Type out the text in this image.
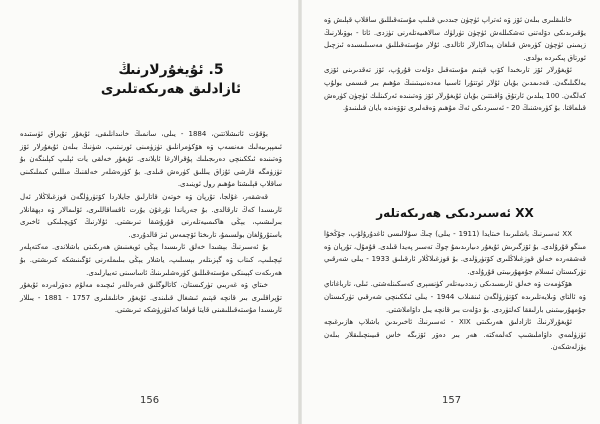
5. ئۇيغۇرلارنىڭ
ئازادلىق ھەرىكەتلىرى

بۇقۇت ئاتىشلاتتىن، 1884 - يىلى، سانمىڭ خانىدانلىقى، ئۇيغۇر تۇپراق ئۈستىدە ئىمپېرىيەلىك مەنسەپ ۋە ھۆكۈمرانلىق تۈزۈمىنى ئورنىتىپ، شۈنىڭ بىلەن ئۇيغۇرلار ئۆز ۋەتىنىدە ئىككىنچى دەرىجىلىك پۇقرالارغا ئايلاندى. ئۇيغۇر خەلقى يات ئېلىپ كېلىنگەن بۇ تۈزۈمگە قارشى ئۇزاق يىللىق كۈرەش قىلدى. بۇ كۈرەشلەر خەلقنىڭ مىللىي كىملىكىنى ساقلاپ قېلىشتا مۇھىم رول ئوينىدى.

قەشقەر، غۇلجا، تۇرپان ۋە خوتەن قاتارلىق جايلاردا كۆتۈرۈلگەن قوزغىلاڭلار ئەل ئارىسىدا كەڭ تارقالدى. بۇ جەرياندا نۇرغۇن يۇرت ئاقساقاللىرى، ئۆلىمالار ۋە دېھقانلار بىرلىشىپ، يېڭى ھاكىمىيەتلەرنى قۇرۇشقا تىرىشتى. ئۇلارنىڭ كۆپچىلىكى ئاخىرى باستۇرۇلغان بولسىمۇ، تارىختا ئۆچمەس ئىز قالدۇردى.

بۇ ئەسىرنىڭ بېشىدا خەلق ئارىسىدا يېڭى ئويغىنىش ھەرىكىتى باشلاندى. مەكتەپلەر ئېچىلىپ، كىتاب ۋە گېزىتلەر بېسىلىپ، ياشلار يېڭى بىلىملەرنى ئۆگىنىشكە كىرىشتى. بۇ ھەرىكەت كېيىنكى مۇستەقىللىق كۈرەشلىرىنىڭ ئاساسىنى تەييارلىدى.

خىتاي ۋە غەربىي تۈركىستان، كاتالوگلىق قەرەللەر ئىچىدە مەلۇم دەۋرلەردە ئۇيغۇر تۇپراقلىرى بىر قانچە قېتىم ئىشغال قىلىندى. ئۇيغۇر خانلىقلىرى 1757 - 1881 - يىللار ئارىسىدا مۇستەقىللىقىنى قايتا قولغا كەلتۈرۈشكە تىرىشتى.

156

خانلىقلىرى بىلەن ئۆز ۋە ئەتراپ ئۈچۈن جىددىي قىلىپ مۇستەقىللىق ساقلاپ قېلىش ۋە يۇقىرىدىكى دۆلەتنى تەشكىللەش ئۈچۈن تۈرلۈك سالاھىيەتلەرنى تۈزدى. ئاتا - بوۋىلارنىڭ زېمىنى ئۈچۈن كۈرەش قىلغان پىداكارلار ئاتالدى. ئۇلار مۇستەقىللىق مەسىلىسىدە ئىزچىل ئورتاق پىكىردە بولدى.

ئۇيغۇرلار ئۆز تارىخىدا كۆپ قېتىم مۇستەقىل دۆلەت قۇرۇپ، ئۆز تەقدىرىنى ئۆزى بەلگىلىگەن. قەدىمدىن بۇيان ئۇلار ئوتتۇرا ئاسىيا مەدەنىيىتىنىڭ مۇھىم بىر قىسمى بولۇپ كەلگەن. 100 يىلدىن ئارتۇق ۋاقىتتىن بۇيان ئۇيغۇرلار ئۆز ۋەتىنىدە ئەركىنلىك ئۈچۈن كۈرەش قىلماقتا. بۇ كۈرەشنىڭ 20 - ئەسىردىكى ئەڭ مۇھىم ۋەقەلىرى تۆۋەندە بايان قىلىنىدۇ.

XX ئەسىردىكى ھەرىكەتلەر

XX ئەسىرنىڭ باشلىرىدا خىتايدا (1911 - يىلى) چىڭ سۇلالىسى ئاغدۇرۇلۇپ، جۇڭخۇا مىنگو قۇرۇلدى. بۇ ئۆزگىرىش ئۇيغۇر دىيارىدىمۇ چوڭ تەسىر پەيدا قىلدى. قۇمۇل، تۇرپان ۋە قەشقەردە خەلق قوزغىلاڭلىرى كۆتۈرۈلدى. بۇ قوزغىلاڭلار ئارقىلىق 1933 - يىلى شەرقىي تۈركىستان ئىسلام جۇمھۇرىيىتى قۇرۇلدى.

ھۆكۈمەت ۋە خەلق ئارىسىدىكى زىددىيەتلەر كۈنسېرى كەسكىنلەشتى. ئىلى، تارباغاتاي ۋە ئالتاي ۋىلايەتلىرىدە كۆتۈرۈلگەن ئىنقىلاب 1944 - يىلى ئىككىنچى شەرقىي تۈركىستان جۇمھۇرىيىتىنى بارلىققا كەلتۈردى. بۇ دۆلەت بىر قانچە يىل داۋاملاشتى.

ئۇيغۇرلارنىڭ ئازادلىق ھەرىكىتى XIX - ئەسىرنىڭ ئاخىرىدىن باشلاپ ھازىرغىچە ئۈزۈلمەي داۋاملىشىپ كەلمەكتە. ھەر بىر دەۋر ئۆزىگە خاس قىيىنچىلىقلار بىلەن يۈزلەشكەن.

157
